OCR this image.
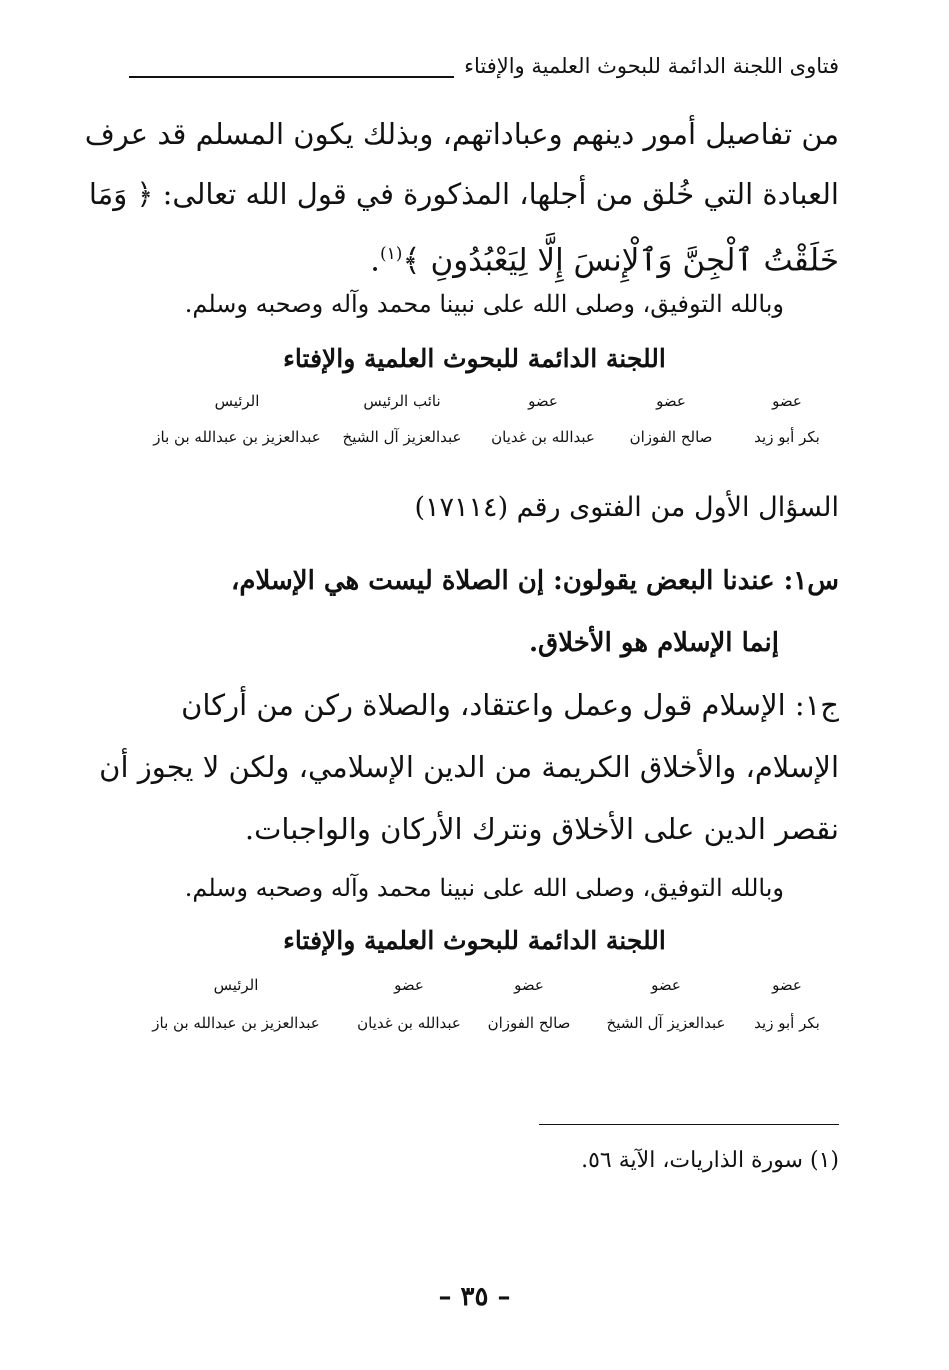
فتاوى اللجنة الدائمة للبحوث العلمية والإفتاء
من تفاصيل أمور دينهم وعباداتهم، وبذلك يكون المسلم قد عرف
العبادة التي خُلق من أجلها، المذكورة في قول الله تعالى: ﴿ وَمَا
خَلَقْتُ ٱلْجِنَّ وَٱلْإِنسَ إِلَّا لِيَعْبُدُونِ ﴾$^{(١)}$.
وبالله التوفيق، وصلى الله على نبينا محمد وآله وصحبه وسلم.
اللجنة الدائمة للبحوث العلمية والإفتاء
عضو
بكر أبو زيد
عضو
صالح الفوزان
عضو
عبدالله بن غديان
نائب الرئيس
عبدالعزيز آل الشيخ
الرئيس
عبدالعزيز بن عبدالله بن باز
السؤال الأول من الفتوى رقم (١٧١١٤)
س١: عندنا البعض يقولون: إن الصلاة ليست هي الإسلام،
إنما الإسلام هو الأخلاق.
ج١: الإسلام قول وعمل واعتقاد، والصلاة ركن من أركان
الإسلام، والأخلاق الكريمة من الدين الإسلامي، ولكن لا يجوز أن
نقصر الدين على الأخلاق ونترك الأركان والواجبات.
وبالله التوفيق، وصلى الله على نبينا محمد وآله وصحبه وسلم.
اللجنة الدائمة للبحوث العلمية والإفتاء
عضو
بكر أبو زيد
عضو
عبدالعزيز آل الشيخ
عضو
صالح الفوزان
عضو
عبدالله بن غديان
الرئيس
عبدالعزيز بن عبدالله بن باز
(١) سورة الذاريات، الآية ٥٦.
– ٣٥ –
